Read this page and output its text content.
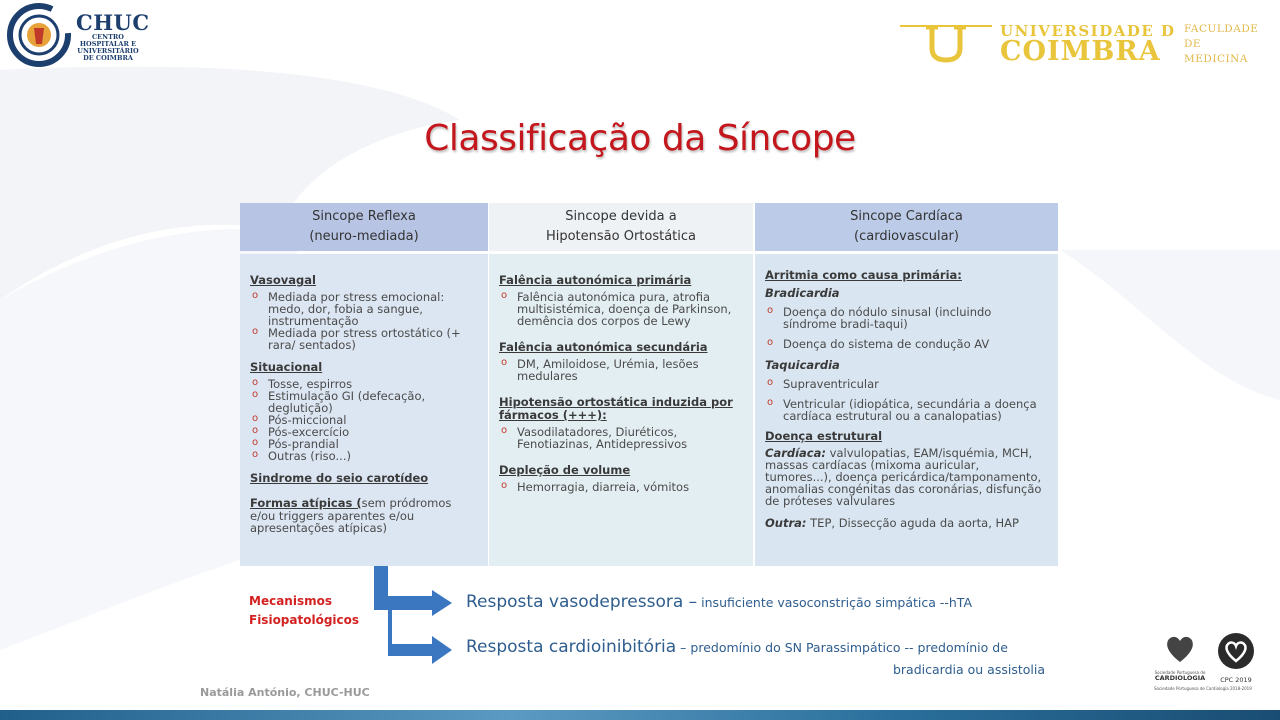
CHUC
CENTRO HOSPITALAR E UNIVERSITÁRIO DE COIMBRA
UNIVERSIDADE D
COIMBRA
FACULDADE
DE
MEDICINA
Classificação da Síncope
Sincope Reflexa
(neuro-mediada)
Sincope devida a
Hipotensão Ortostática
Sincope Cardíaca
(cardiovascular)
Vasovagal
o Mediada por stress emocional: medo, dor, fobia a sangue, instrumentação
o Mediada por stress ortostático (+ rara/ sentados)
Situacional
o Tosse, espirros
o Estimulação GI (defecação, deglutição)
o Pós-miccional
o Pós-excercício
o Pós-prandial
o Outras (riso...)
Sindrome do seio carotídeo
Formas atípicas (sem pródromos e/ou triggers aparentes e/ou apresentações atípicas)
Falência autonómica primária
o Falência autonómica pura, atrofia multisistémica, doença de Parkinson, demência dos corpos de Lewy
Falência autonómica secundária
o DM, Amiloidose, Urémia, lesões medulares
Hipotensão ortostática induzida por fármacos (+++):
o Vasodilatadores, Diuréticos, Fenotiazinas, Antidepressivos
Depleção de volume
o Hemorragia, diarreia, vómitos
Arritmia como causa primária:
Bradicardia
o Doença do nódulo sinusal (incluindo síndrome bradi-taqui)
o Doença do sistema de condução AV
Taquicardia
o Supraventricular
o Ventricular (idiopática, secundária a doença cardíaca estrutural ou a canalopatias)
Doença estrutural
Cardíaca: valvulopatias, EAM/isquémia, MCH, massas cardíacas (mixoma auricular, tumores...), doença pericárdica/tamponamento, anomalias congénitas das coronárias, disfunção de próteses valvulares
Outra: TEP, Dissecção aguda da aorta, HAP
Mecanismos
Fisiopatológicos
Resposta vasodepressora – insuficiente vasoconstrição simpática --hTA
Resposta cardioinibitória – predomínio do SN Parassimpático -- predomínio de
bradicardia ou assistolia
Natália António, CHUC-HUC
Sociedade Portuguesa de
CARDIOLOGIA	CPC 2019
Sociedade Portuguesa de Cardiologia 2018-2019
